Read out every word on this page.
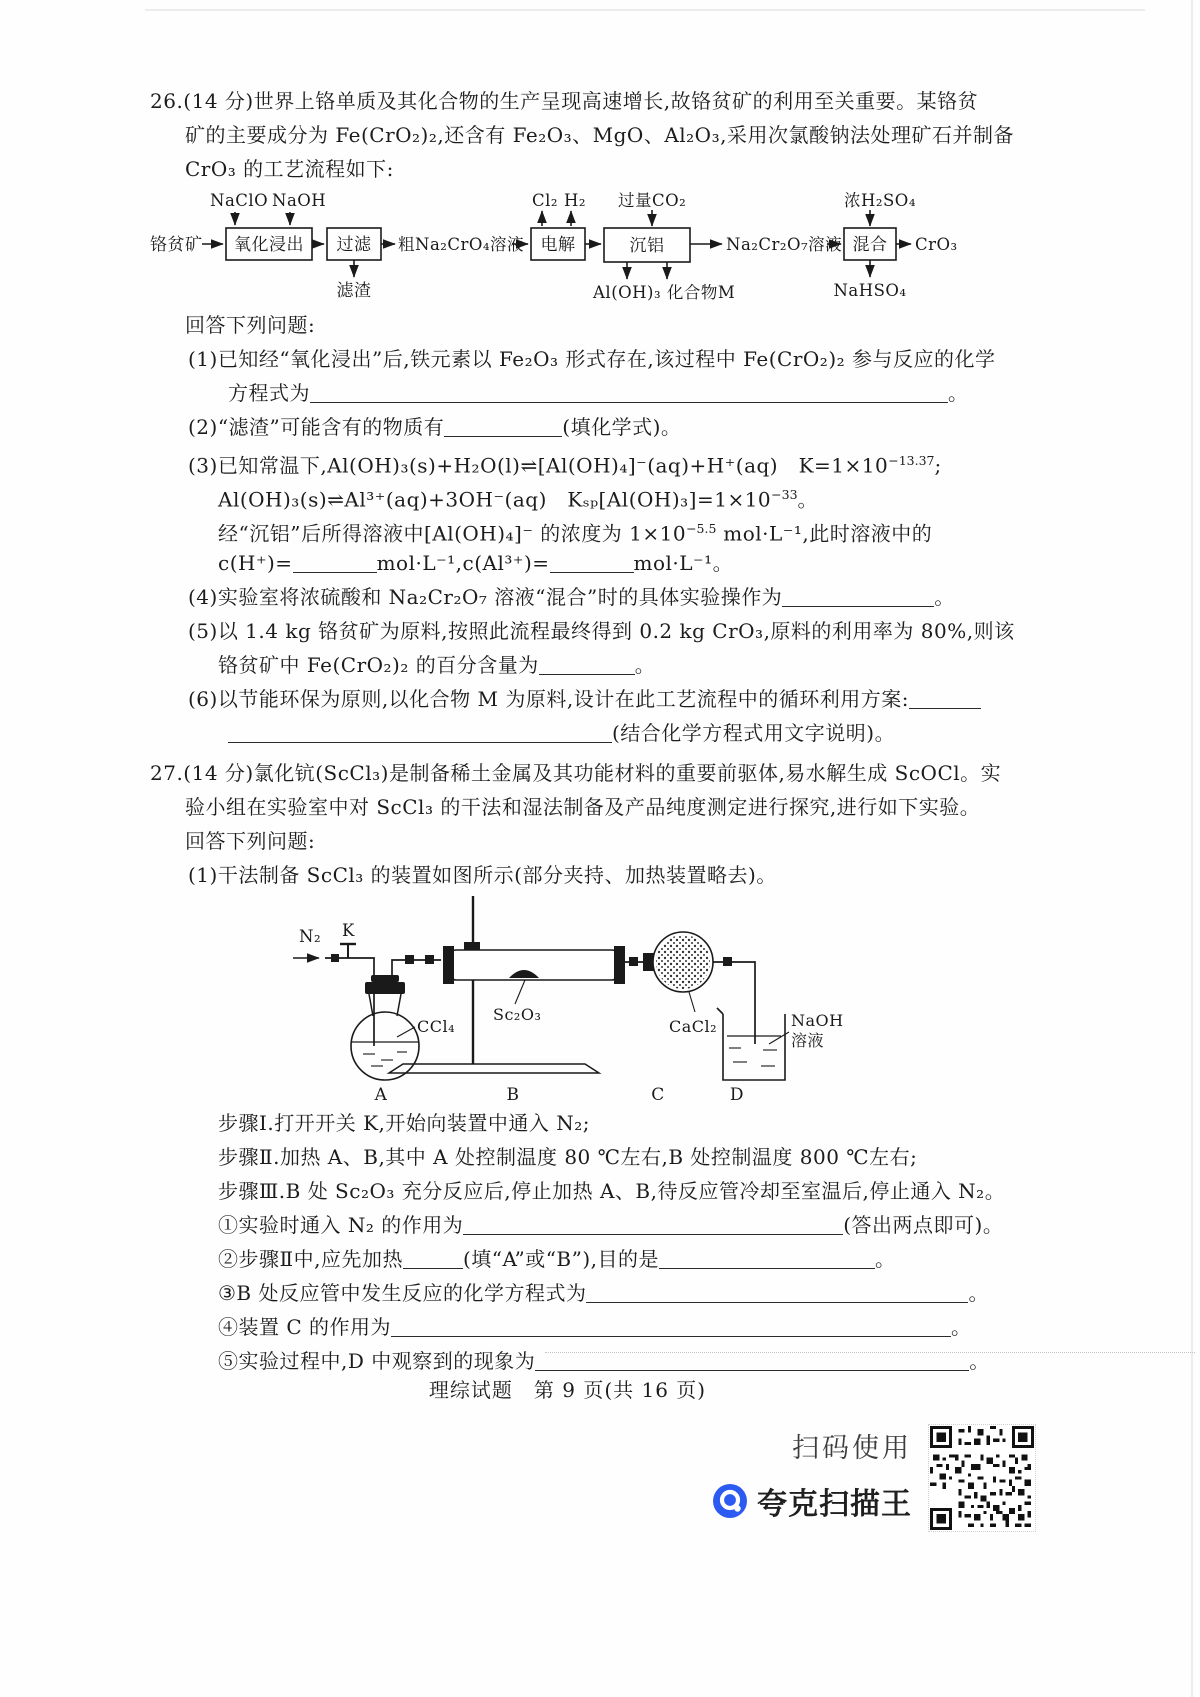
26.(14 分)世界上铬单质及其化合物的生产呈现高速增长,故铬贫矿的利用至关重要。某铬贫
矿的主要成分为 Fe(CrO₂)₂,还含有 Fe₂O₃、MgO、Al₂O₃,采用次氯酸钠法处理矿石并制备
CrO₃ 的工艺流程如下:
NaClO NaOH
铬贫矿 氧化浸出 过滤
滤渣
粗Na₂CrO₄溶液 电解
Cl₂ H₂
沉铝
过量CO₂
Al(OH)₃ 化合物M
Na₂Cr₂O₇溶液 混合
浓H₂SO₄
NaHSO₄
CrO₃
回答下列问题:
(1)已知经“氧化浸出”后,铁元素以 Fe₂O₃ 形式存在,该过程中 Fe(CrO₂)₂ 参与反应的化学
方程式为	。
(2)“滤渣”可能含有的物质有	(填化学式)。
(3)已知常温下,Al(OH)₃(s)+H₂O(l)⇌[Al(OH)₄]⁻(aq)+H⁺(aq)　$K=1\times 10^{-13.37}$;
Al(OH)₃(s)⇌Al³⁺(aq)+3OH⁻(aq)　$K_{sp}[Al(OH)_3]=1\times 10^{-33}$。
经“沉铝”后所得溶液中[Al(OH)₄]⁻ 的浓度为 $1\times 10^{-5.5}$ mol·L⁻¹,此时溶液中的
c(H⁺)=	mol·L⁻¹,c(Al³⁺)=	mol·L⁻¹。
(4)实验室将浓硫酸和 Na₂Cr₂O₇ 溶液“混合”时的具体实验操作为	。
(5)以 1.4 kg 铬贫矿为原料,按照此流程最终得到 0.2 kg CrO₃,原料的利用率为 80%,则该
铬贫矿中 Fe(CrO₂)₂ 的百分含量为	。
(6)以节能环保为原则,以化合物 M 为原料,设计在此工艺流程中的循环利用方案:
(结合化学方程式用文字说明)。
27.(14 分)氯化钪(ScCl₃)是制备稀土金属及其功能材料的重要前驱体,易水解生成 ScOCl。实
验小组在实验室中对 ScCl₃ 的干法和湿法制备及产品纯度测定进行探究,进行如下实验。
回答下列问题:
(1)干法制备 ScCl₃ 的装置如图所示(部分夹持、加热装置略去)。
N₂ K
CCl₄
Sc₂O₃
CaCl₂	NaOH
溶液
A	B	C	D
步骤Ⅰ.打开开关 K,开始向装置中通入 N₂;
步骤Ⅱ.加热 A、B,其中 A 处控制温度 80 ℃左右,B 处控制温度 800 ℃左右;
步骤Ⅲ.B 处 Sc₂O₃ 充分反应后,停止加热 A、B,待反应管冷却至室温后,停止通入 N₂。
①实验时通入 N₂ 的作用为	(答出两点即可)。
②步骤Ⅱ中,应先加热	(填“A”或“B”),目的是	。
③B 处反应管中发生反应的化学方程式为	。
④装置 C 的作用为	。
⑤实验过程中,D 中观察到的现象为	。
理综试题　第 9 页(共 16 页)
扫码使用
夸克扫描王
